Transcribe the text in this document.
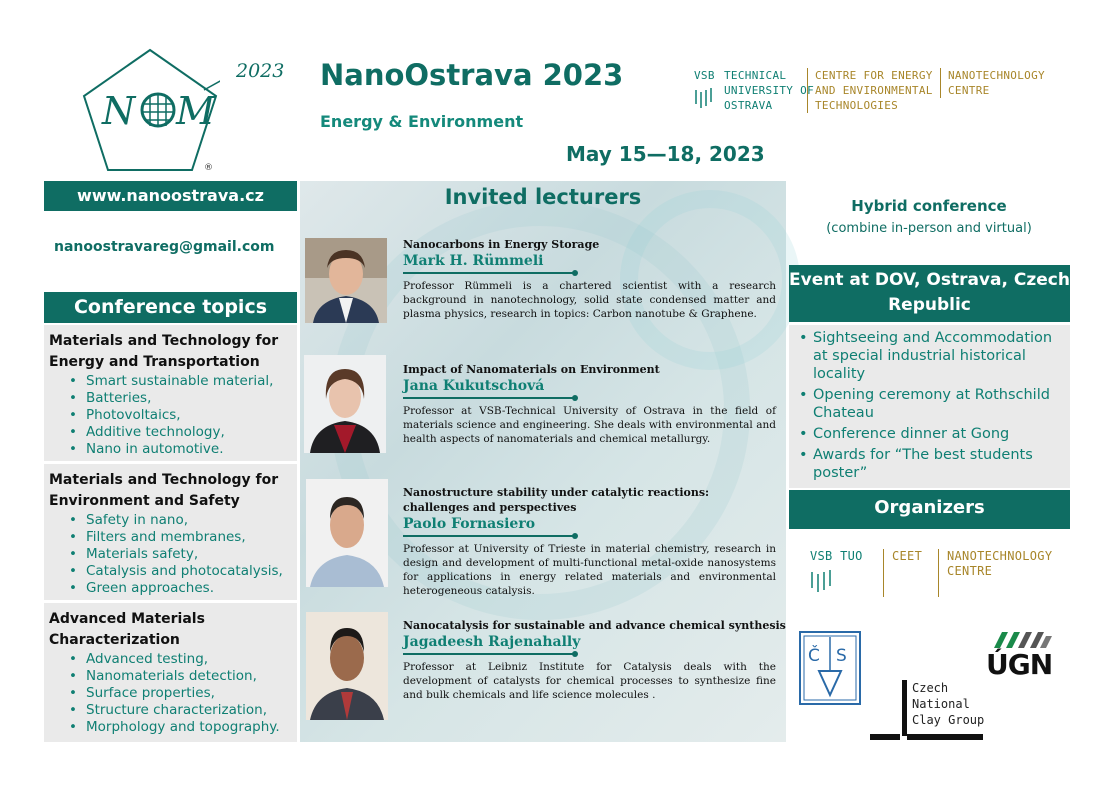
N M
2023
®
NanoOstrava 2023
Energy & Environment
May 15—18, 2023
VSB TECHNICAL UNIVERSITY OF OSTRAVA
CENTRE FOR ENERGY AND ENVIRONMENTAL TECHNOLOGIES
NANOTECHNOLOGY CENTRE
www.nanoostrava.cz
nanoostravareg@gmail.com
Conference topics
Materials and Technology for Energy and Transportation
• Smart sustainable material,
• Batteries,
• Photovoltaics,
• Additive technology,
• Nano in automotive.
Materials and Technology for Environment and Safety
• Safety in nano,
• Filters and membranes,
• Materials safety,
• Catalysis and photocatalysis,
• Green approaches.
Advanced Materials Characterization
• Advanced testing,
• Nanomaterials detection,
• Surface properties,
• Structure characterization,
• Morphology and topography.
Invited lecturers
Nanocarbons in Energy Storage
Mark H. Rümmeli
Professor Rümmeli is a chartered scientist with a research background in nanotechnology, solid state condensed matter and plasma physics, research in topics: Carbon nanotube & Graphene.
Impact of Nanomaterials on Environment
Jana Kukutschová
Professor at VSB-Technical University of Ostrava in the field of materials science and engineering. She deals with environmental and health aspects of nanomaterials and chemical metallurgy.
Nanostructure stability under catalytic reactions: challenges and perspectives
Paolo Fornasiero
Professor at University of Trieste in material chemistry, research in design and development of multi-functional metal-oxide nanosystems for applications in energy related materials and environmental heterogeneous catalysis.
Nanocatalysis for sustainable and advance chemical synthesis
Jagadeesh Rajenahally
Professor at Leibniz Institute for Catalysis deals with the development of catalysts for chemical processes to synthesize fine and bulk chemicals and life science molecules .
Hybrid conference
(combine in-person and virtual)
Event at DOV, Ostrava, Czech Republic
• Sightseeing and Accommodation at special industrial historical locality
• Opening ceremony at Rothschild Chateau
• Conference dinner at Gong
• Awards for “The best students poster”
Organizers
VSB TUO	CEET	NANOTECHNOLOGY CENTRE
Č S
Czech National Clay Group
ÚGN
